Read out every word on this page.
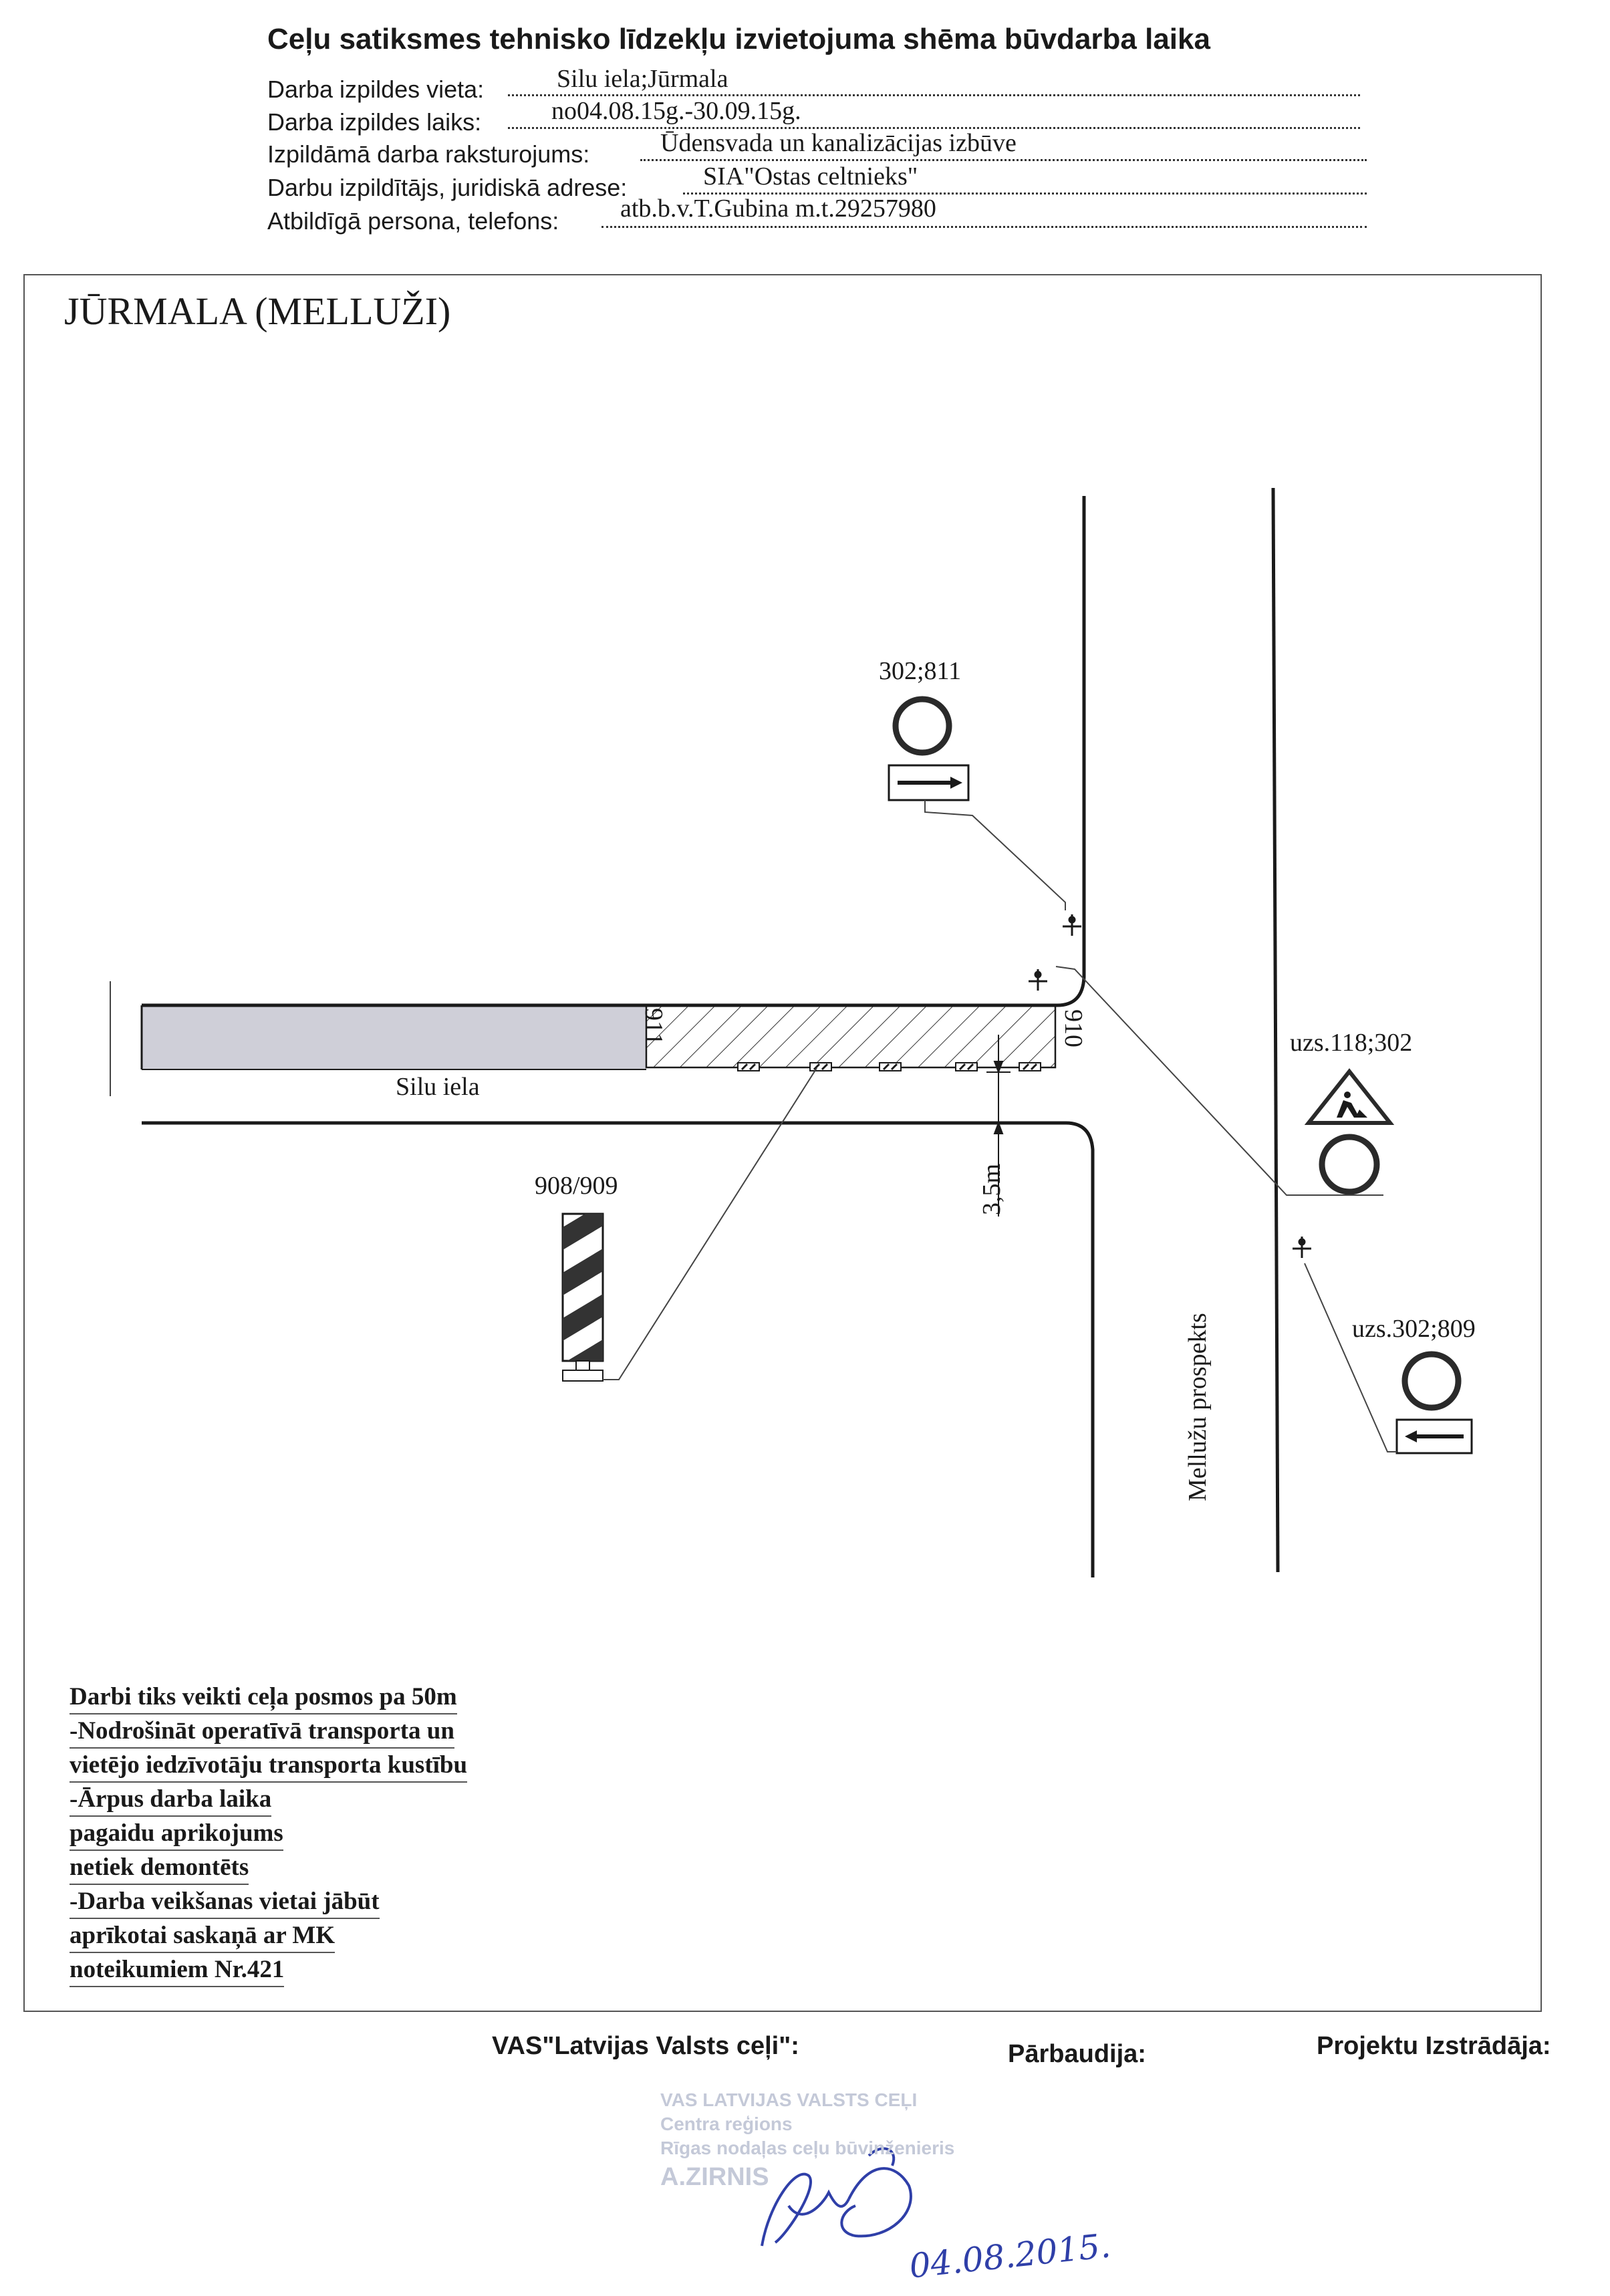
Ceļu satiksmes tehnisko līdzekļu izvietojuma shēma būvdarba laika
Darba izpildes vieta:	Silu iela;Jūrmala
Darba izpildes laiks:	no04.08.15g.-30.09.15g.
Izpildāmā darba raksturojums:	Ūdensvada un kanalizācijas izbūve
Darbu izpildītājs, juridiskā adrese:	SIA"Ostas celtnieks"
Atbildīgā persona, telefons: atb.b.v.T.Gubina m.t.29257980
JŪRMALA (MELLUŽI)
302;811
uzs.118;302
uzs.302;809
908/909
Silu iela
Mellužu prospekts
3,5m
911	910
Darbi tiks veikti ceļa posmos pa 50m
-Nodrošināt operatīvā transporta un
vietējo iedzīvotāju transporta kustību
-Ārpus darba laika
pagaidu aprikojums
netiek demontēts
-Darba veikšanas vietai jābūt
aprīkotai saskaņā ar MK
noteikumiem Nr.421
VAS"Latvijas Valsts ceļi":	Pārbaudija:	Projektu Izstrādāja:
VAS LATVIJAS VALSTS CEĻI
Centra reģions
Rīgas nodaļas ceļu būvinženieris
A.ZIRNIS
04.08.2015.
